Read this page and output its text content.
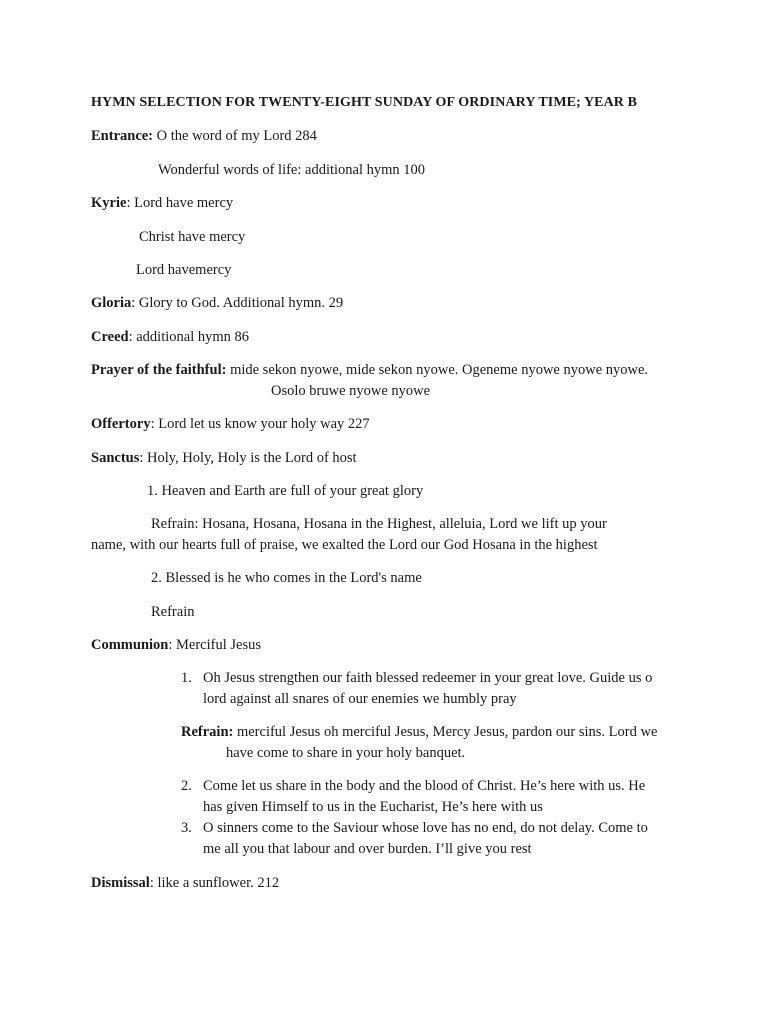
HYMN SELECTION FOR TWENTY-EIGHT SUNDAY OF ORDINARY TIME; YEAR B
Entrance: O the word of my Lord 284
Wonderful words of life: additional hymn 100
Kyrie: Lord have mercy
Christ have mercy
Lord havemercy
Gloria: Glory to God. Additional hymn. 29
Creed: additional hymn 86
Prayer of the faithful: mide sekon nyowe, mide sekon nyowe. Ogeneme nyowe nyowe nyowe.
Osolo bruwe nyowe nyowe
Offertory: Lord let us know your holy way 227
Sanctus: Holy, Holy, Holy is the Lord of host
1. Heaven and Earth are full of your great glory
Refrain: Hosana, Hosana, Hosana in the Highest, alleluia, Lord we lift up your
name, with our hearts full of praise, we exalted the Lord our God Hosana in the highest
2. Blessed is he who comes in the Lord's name
Refrain
Communion: Merciful Jesus
1. Oh Jesus strengthen our faith blessed redeemer in your great love. Guide us o
lord against all snares of our enemies we humbly pray
Refrain: merciful Jesus oh merciful Jesus, Mercy Jesus, pardon our sins. Lord we
have come to share in your holy banquet.
2. Come let us share in the body and the blood of Christ. He’s here with us. He
has given Himself to us in the Eucharist, He’s here with us
3. O sinners come to the Saviour whose love has no end, do not delay. Come to
me all you that labour and over burden. I’ll give you rest
Dismissal: like a sunflower. 212
